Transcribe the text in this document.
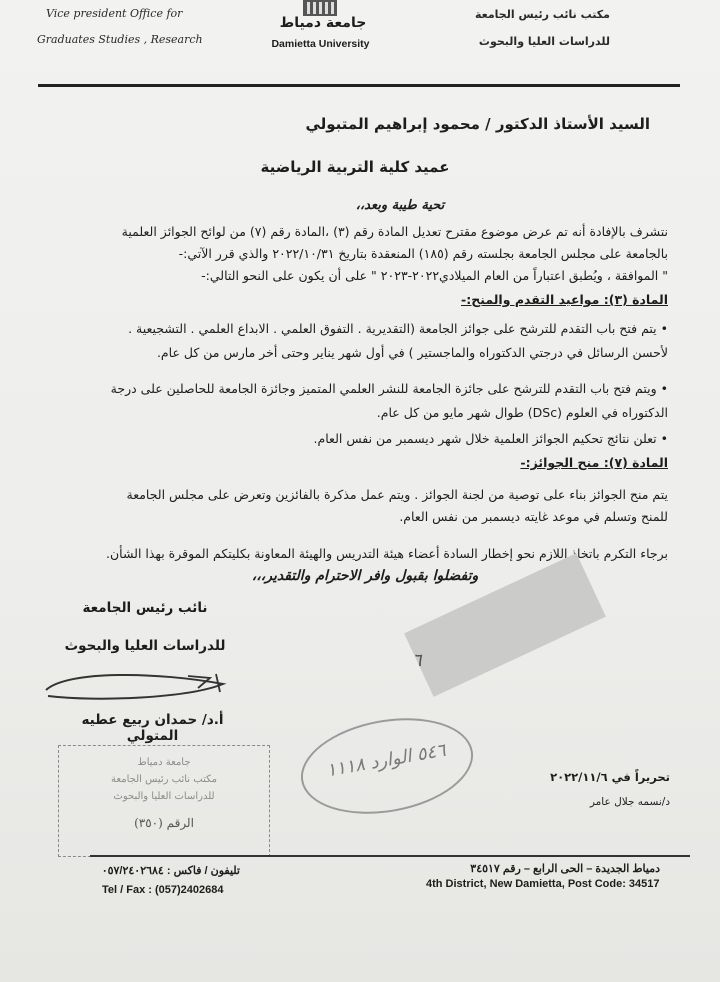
Vice president Office for
Graduates Studies , Research
جامعة دمياط
Damietta University
مكتب نائب رئيس الجامعة
للدراسات العليا والبحوث
السيد الأستاذ الدكتور / محمود إبراهيم المتبولي
عميد كلية التربية الرياضية
تحية طيبة وبعد،،
نتشرف بالإفادة أنه تم عرض موضوع مقترح تعديل المادة رقم (٣) ،المادة رقم (٧) من لوائح الجوائز العلمية
بالجامعة على مجلس الجامعة بجلسته رقم (١٨٥) المنعقدة بتاريخ ٢٠٢٢/١٠/٣١ والذي قرر الآتي:-
" الموافقة ، ويُطبق اعتباراً من العام الميلادي٢٠٢٢-٢٠٢٣ " على أن يكون على النحو التالي:-
المادة (٣): مواعيد التقدم والمنح:-
• يتم فتح باب التقدم للترشح على جوائز الجامعة (التقديرية . التفوق العلمي . الابداع العلمي . التشجيعية .
لأحسن الرسائل في درجتي الدكتوراه والماجستير ) في أول شهر يناير وحتى أخر مارس من كل عام.
• ويتم فتح باب التقدم للترشح على جائزة الجامعة للنشر العلمي المتميز وجائزة الجامعة للحاصلين على درجة
الدكتوراه في العلوم (DSc) طوال شهر مايو من كل عام.
• تعلن نتائج تحكيم الجوائز العلمية خلال شهر ديسمبر من نفس العام.
المادة (٧): منح الجوائز:-
يتم منح الجوائز بناء على توصية من لجنة الجوائز . ويتم عمل مذكرة بالفائزين وتعرض على مجلس الجامعة
للمنح وتسلم في موعد غايته ديسمبر من نفس العام.
برجاء التكرم باتخاذ اللازم نحو إخطار السادة أعضاء هيئة التدريس والهيئة المعاونة بكليتكم الموقرة بهذا الشأن.
وتفضلوا بقبول وافر الاحترام والتقدير،،،
نائب رئيس الجامعة
للدراسات العليا والبحوث
أ.د/ حمدان ربيع عطيه المتولي
٦
جامعة دمياط
مكتب نائب رئيس الجامعة
للدراسات العليا والبحوث
الرقم (٣٥٠)
٥٤٦ الوارد ١١١٨
تحريراً في ٢٠٢٢/١١/٦
د/نسمه جلال عامر
تليفون / فاكس : ٠٥٧/٢٤٠٢٦٨٤
Tel / Fax : (057)2402684
دمياط الجديدة – الحى الرابع – رقم ٣٤٥١٧
4th District, New Damietta, Post Code: 34517
